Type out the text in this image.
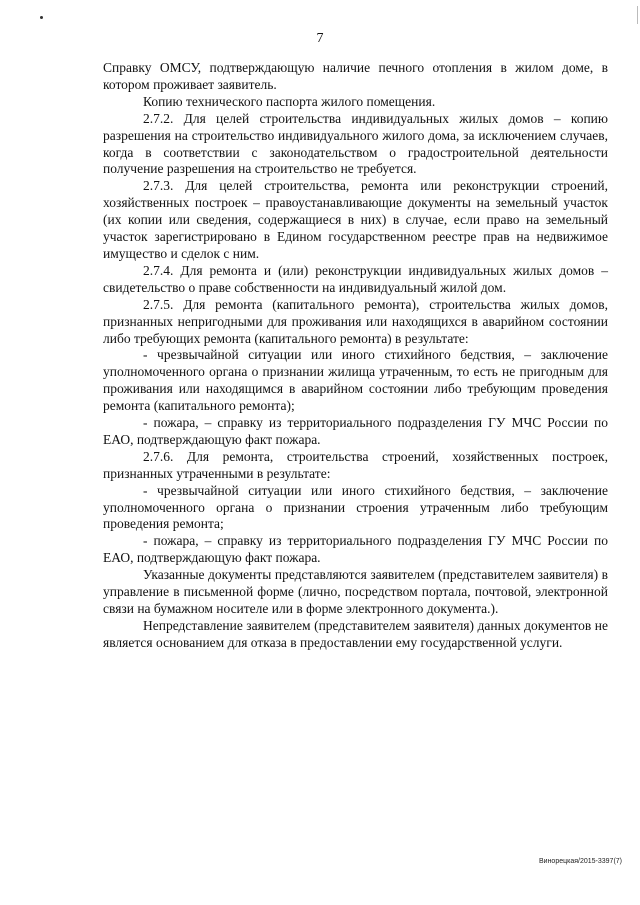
7

Справку ОМСУ, подтверждающую наличие печного отопления в жилом доме, в котором проживает заявитель.

Копию технического паспорта жилого помещения.

2.7.2. Для целей строительства индивидуальных жилых домов – копию разрешения на строительство индивидуального жилого дома, за исключением случаев, когда в соответствии с законодательством о градостроительной деятельности получение разрешения на строительство не требуется.

2.7.3. Для целей строительства, ремонта или реконструкции строений, хозяйственных построек – правоустанавливающие документы на земельный участок (их копии или сведения, содержащиеся в них) в случае, если право на земельный участок зарегистрировано в Едином государственном реестре прав на недвижимое имущество и сделок с ним.

2.7.4. Для ремонта и (или) реконструкции индивидуальных жилых домов – свидетельство о праве собственности на индивидуальный жилой дом.

2.7.5. Для ремонта (капитального ремонта), строительства жилых домов, признанных непригодными для проживания или находящихся в аварийном состоянии либо требующих ремонта (капитального ремонта) в результате:

- чрезвычайной ситуации или иного стихийного бедствия, – заключение уполномоченного органа о признании жилища утраченным, то есть не пригодным для проживания или находящимся в аварийном состоянии либо требующим проведения ремонта (капитального ремонта);

- пожара, – справку из территориального подразделения ГУ МЧС России по ЕАО, подтверждающую факт пожара.

2.7.6. Для ремонта, строительства строений, хозяйственных построек, признанных утраченными в результате:

- чрезвычайной ситуации или иного стихийного бедствия, – заключение уполномоченного органа о признании строения утраченным либо требующим проведения ремонта;

- пожара, – справку из территориального подразделения ГУ МЧС России по ЕАО, подтверждающую факт пожара.

Указанные документы представляются заявителем (представителем заявителя) в управление в письменной форме (лично, посредством портала, почтовой, электронной связи на бумажном носителе или в форме электронного документа.).

Непредставление заявителем (представителем заявителя) данных документов не является основанием для отказа в предоставлении ему государственной услуги.

Винорецкая/2015-3397(7)
